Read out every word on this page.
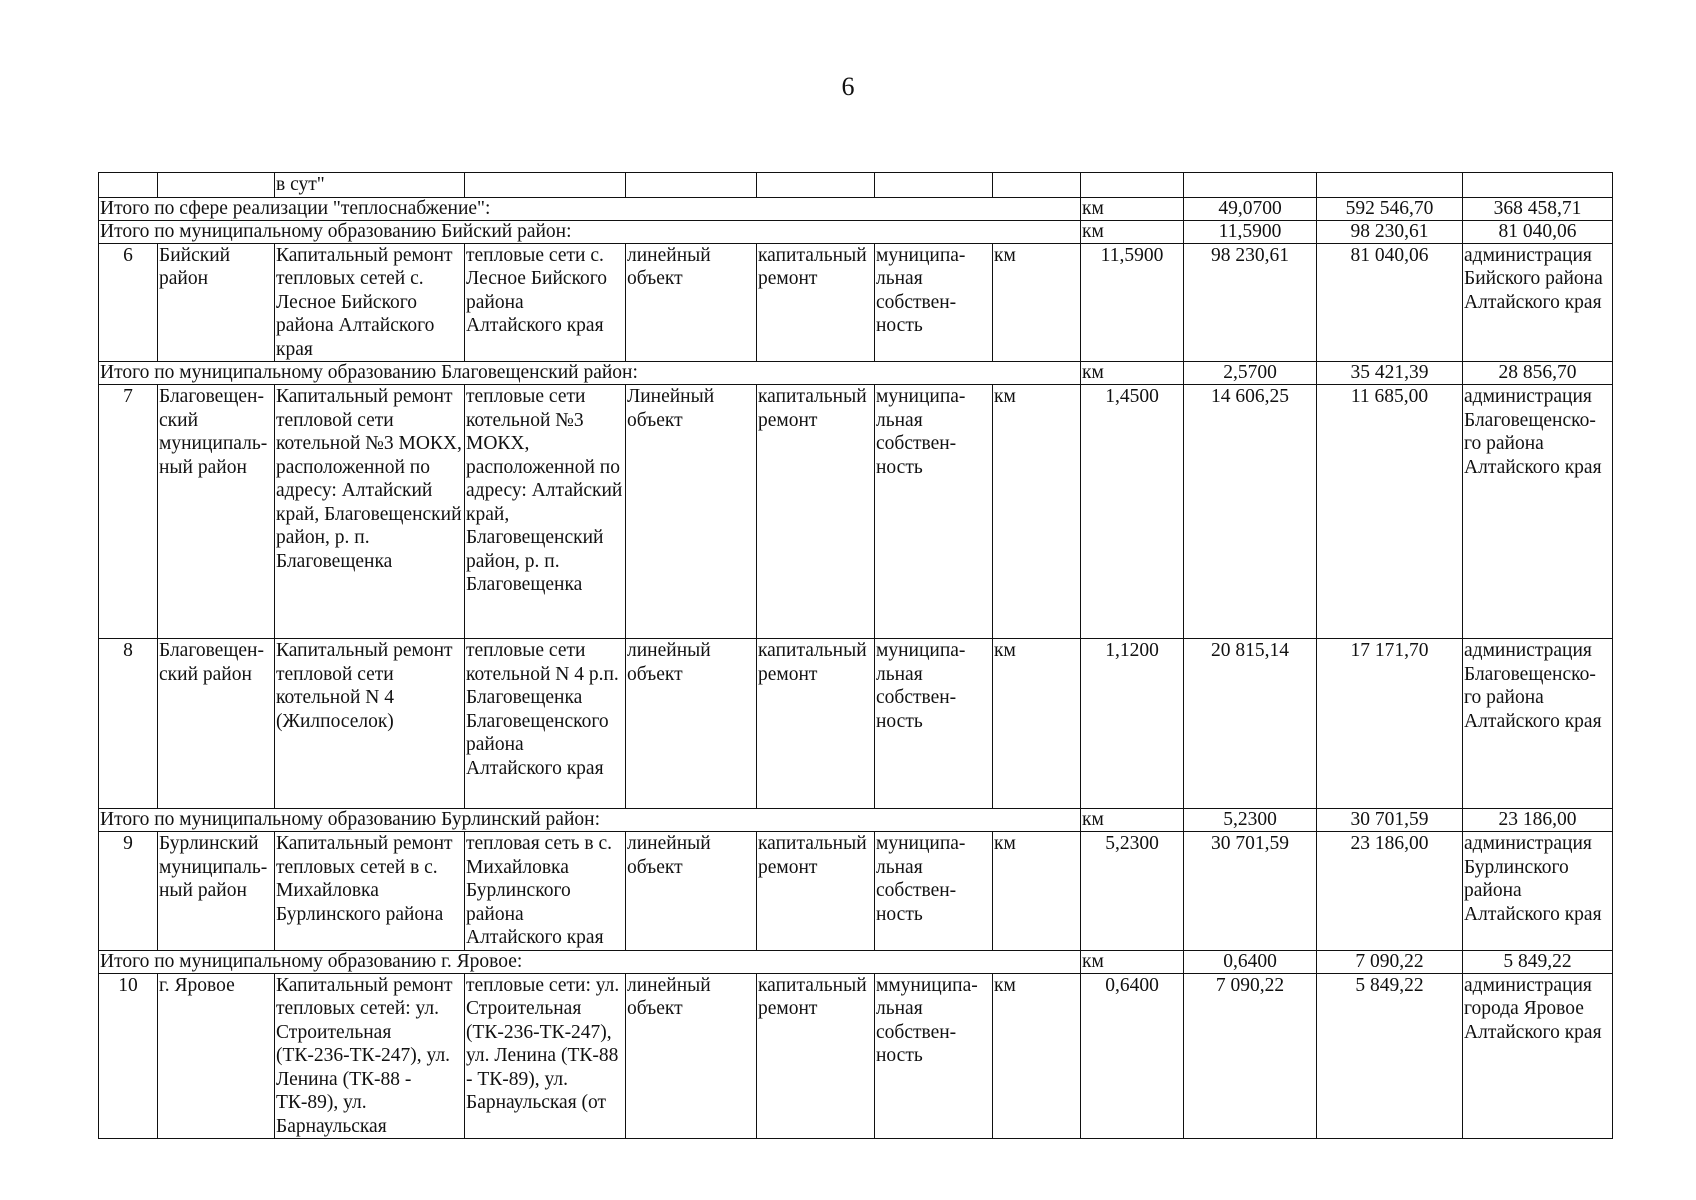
6
		в сут"										
Итого по сфере реализации "теплоснабжение":								км	49,0700	592 546,70	368 458,71	
Итого по муниципальному образованию Бийский район:								км	11,5900	98 230,61	81 040,06	
6	Бийский район	Капитальный ремонт тепловых сетей с. Лесное Бийского района Алтайского края	тепловые сети с. Лесное Бийского района Алтайского края	линейный объект	капитальный ремонт	муниципа-льная собствен-ность	км	11,5900	98 230,61	81 040,06	администрация Бийского района Алтайского края	
Итого по муниципальному образованию Благовещенский район:								км	2,5700	35 421,39	28 856,70	
7	Благовещен-ский муниципаль-ный район	Капитальный ремонт тепловой сети котельной №3 МОКХ, расположенной по адресу: Алтайский край, Благовещенский район, р. п. Благовещенка	тепловые сети котельной №3 МОКХ, расположенной по адресу: Алтайский край, Благовещенский район, р. п. Благовещенка	Линейный объект	капитальный ремонт	муниципа-льная собствен-ность	км	1,4500	14 606,25	11 685,00	администрация Благовещенско-го района Алтайского края	
8	Благовещен-ский район	Капитальный ремонт тепловой сети котельной N 4 (Жилпоселок)	тепловые сети котельной N 4 р.п. Благовещенка Благовещенского района Алтайского края	линейный объект	капитальный ремонт	муниципа-льная собствен-ность	км	1,1200	20 815,14	17 171,70	администрация Благовещенско-го района Алтайского края	
Итого по муниципальному образованию Бурлинский район:								км	5,2300	30 701,59	23 186,00	
9	Бурлинский муниципаль-ный район	Капитальный ремонт тепловых сетей в с. Михайловка Бурлинского района	тепловая сеть в с. Михайловка Бурлинского района Алтайского края	линейный объект	капитальный ремонт	муниципа-льная собствен-ность	км	5,2300	30 701,59	23 186,00	администрация Бурлинского района Алтайского края	
Итого по муниципальному образованию г. Яровое:								км	0,6400	7 090,22	5 849,22	
10	г. Яровое	Капитальный ремонт тепловых сетей: ул. Строительная (ТК-236-ТК-247), ул. Ленина (ТК-88 - ТК-89), ул. Барнаульская	тепловые сети: ул. Строительная (ТК-236-ТК-247), ул. Ленина (ТК-88 - ТК-89), ул. Барнаульская (от	линейный объект	капитальный ремонт	ммуниципа-льная собствен-ность	км	0,6400	7 090,22	5 849,22	администрация города Яровое Алтайского края	
